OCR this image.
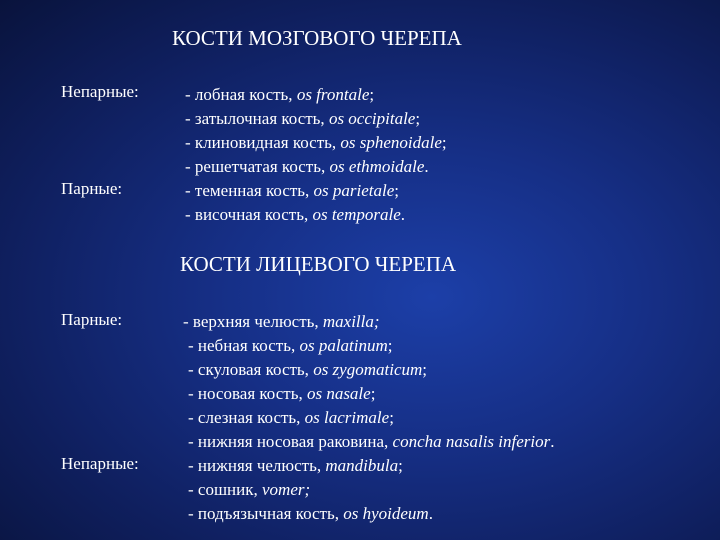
КОСТИ МОЗГОВОГО ЧЕРЕПА
Непарные:
Парные:
- лобная кость, os frontale;
- затылочная кость, os occipitale;
- клиновидная кость, os sphenoidale;
- решетчатая кость, os ethmoidale.
- теменная кость, os parietale;
- височная кость, os temporale.
КОСТИ ЛИЦЕВОГО ЧЕРЕПА
Парные:
Непарные:
- верхняя челюсть, maxilla;
- небная кость, os palatinum;
- скуловая кость, os zygomaticum;
- носовая кость, os nasale;
- слезная кость, os lacrimale;
- нижняя носовая раковина, concha nasalis inferior.
- нижняя челюсть, mandibula;
- сошник, vomer;
- подъязычная кость, os hyoideum.
